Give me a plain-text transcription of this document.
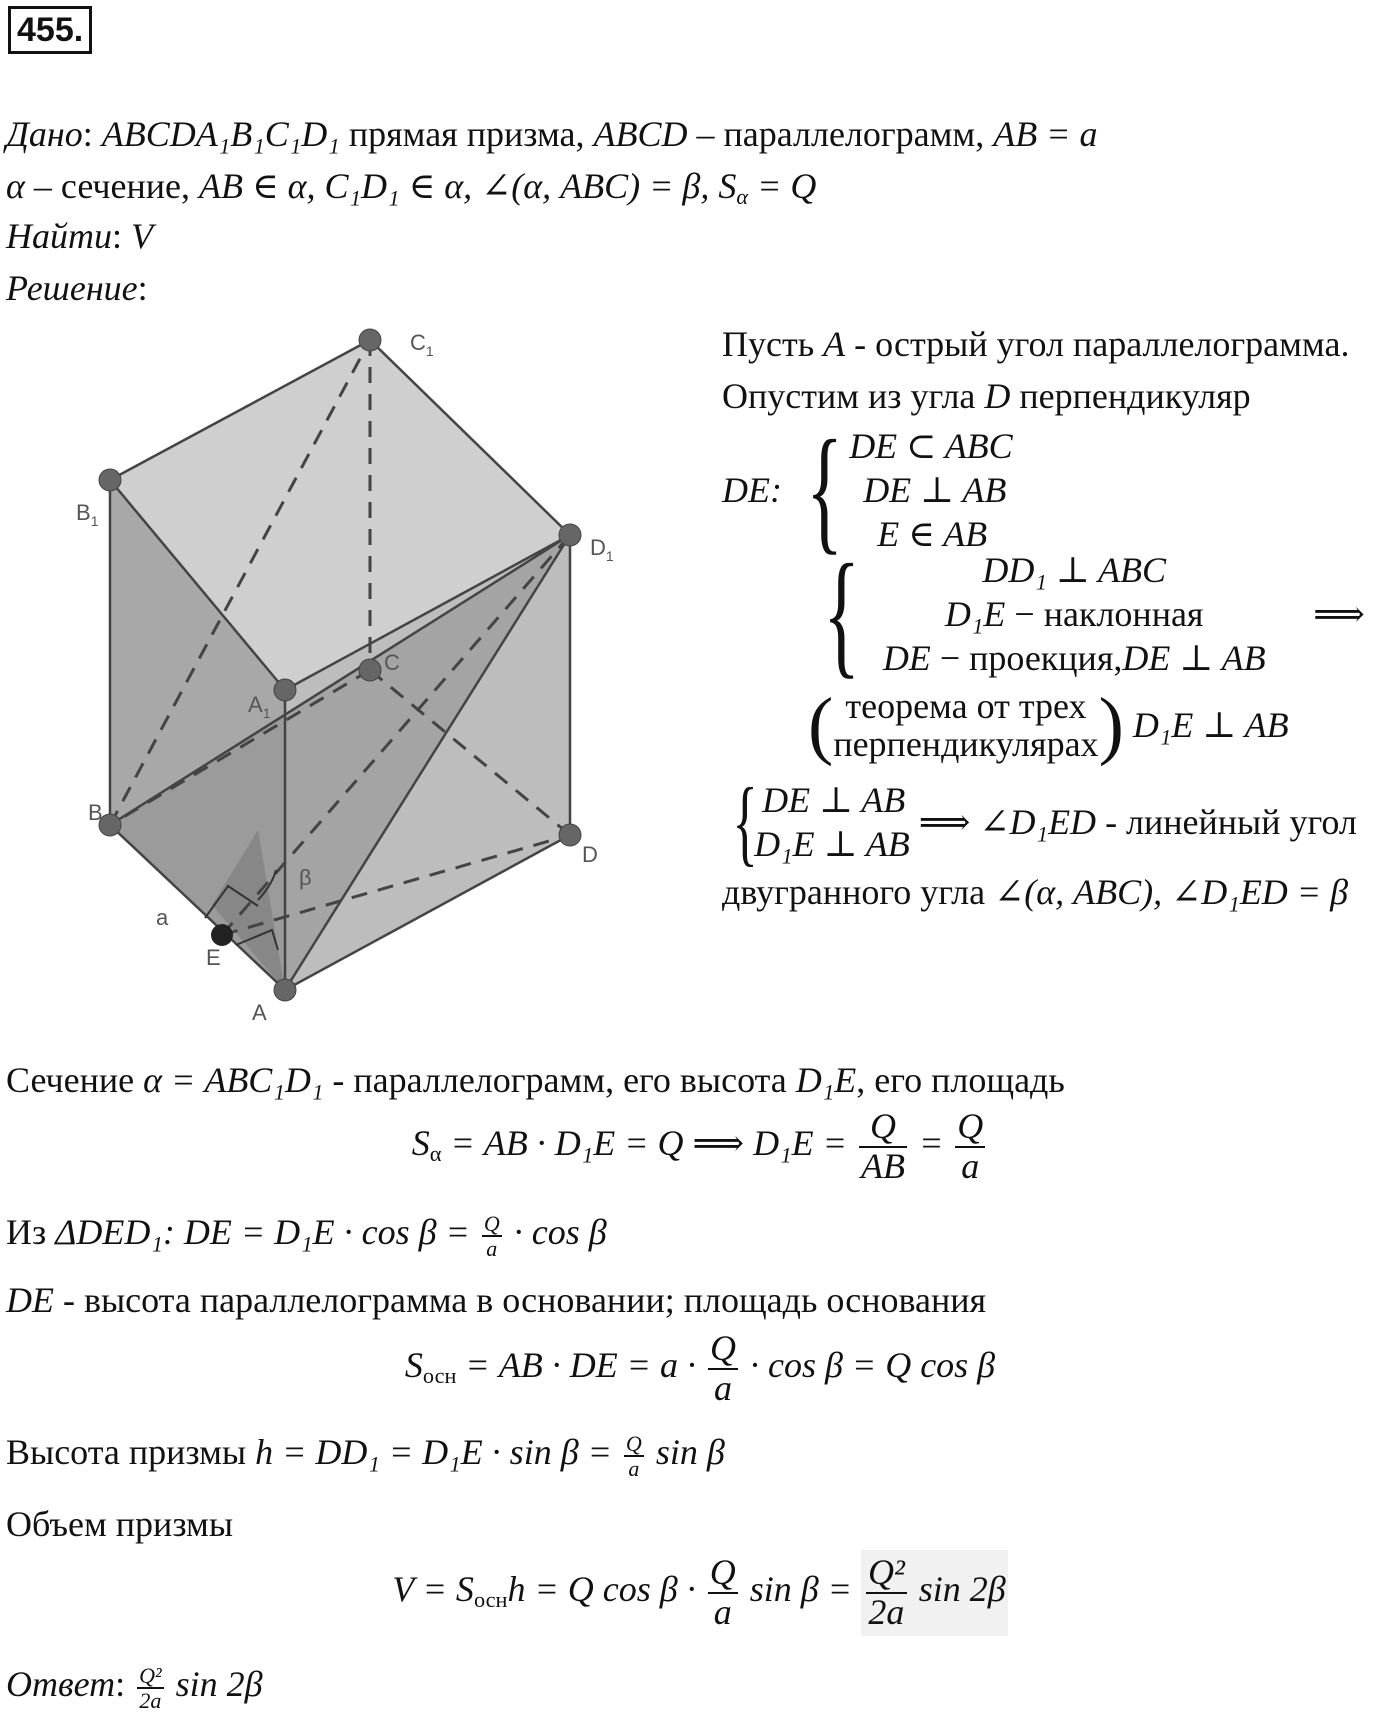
455.
Дано: ABCDA₁B₁C₁D₁ прямая призма, ABCD – параллелограмм, AB = a
α – сечение, AB ∈ α, C₁D₁ ∈ α, ∠(α, ABC) = β, $S_\alpha = Q$
Найти: V
Решение:
$C_1$
$B_1$
$D_1$
$A_1$
C
B
D
A
E
a
β
Пусть A - острый угол параллелограмма.
Опустим из угла D перпендикуляр
DE: { DE ⊂ ABC
DE ⊥ AB
E ∈ AB
{	DD₁ ⊥ ABC
D₁E − наклонная
DE − проекция,DE ⊥ AB
⟹
( теорема от трех
перпендикулярах ) D₁E ⊥ AB
{ DE ⊥ AB
D₁E ⊥ AB
⟹ ∠D₁ED - линейный угол
двугранного угла ∠(α, ABC), ∠D₁ED = β
Сечение α = ABC₁D₁ - параллелограмм, его высота D₁E, его площадь
$S_\alpha$ = AB · D₁E = Q ⟹ $D_1E = \frac{Q}{AB} = \frac{Q}{a}$
Из ΔDED₁: DE = $D_1E \cdot \cos \beta = \frac{Q}{a} \cdot \cos \beta$
DE - высота параллелограмма в основании; площадь основания
$S_{осн}$ = AB · DE = $a \cdot \frac{Q}{a} \cdot \cos \beta = Q$ cos β
Высота призмы $h = DD_1 = D_1E \cdot \sin \beta = \frac{Q}{a}$ sin β
Объем призмы
$V = S_{осн}h = Q$ $\cos \beta \cdot \frac{Q}{a}$ $\sin \beta = \frac{\text{Q²}}{2a}$ sin 2β
Ответ: $\frac{\text{Q²}}{2a}$ sin 2β
